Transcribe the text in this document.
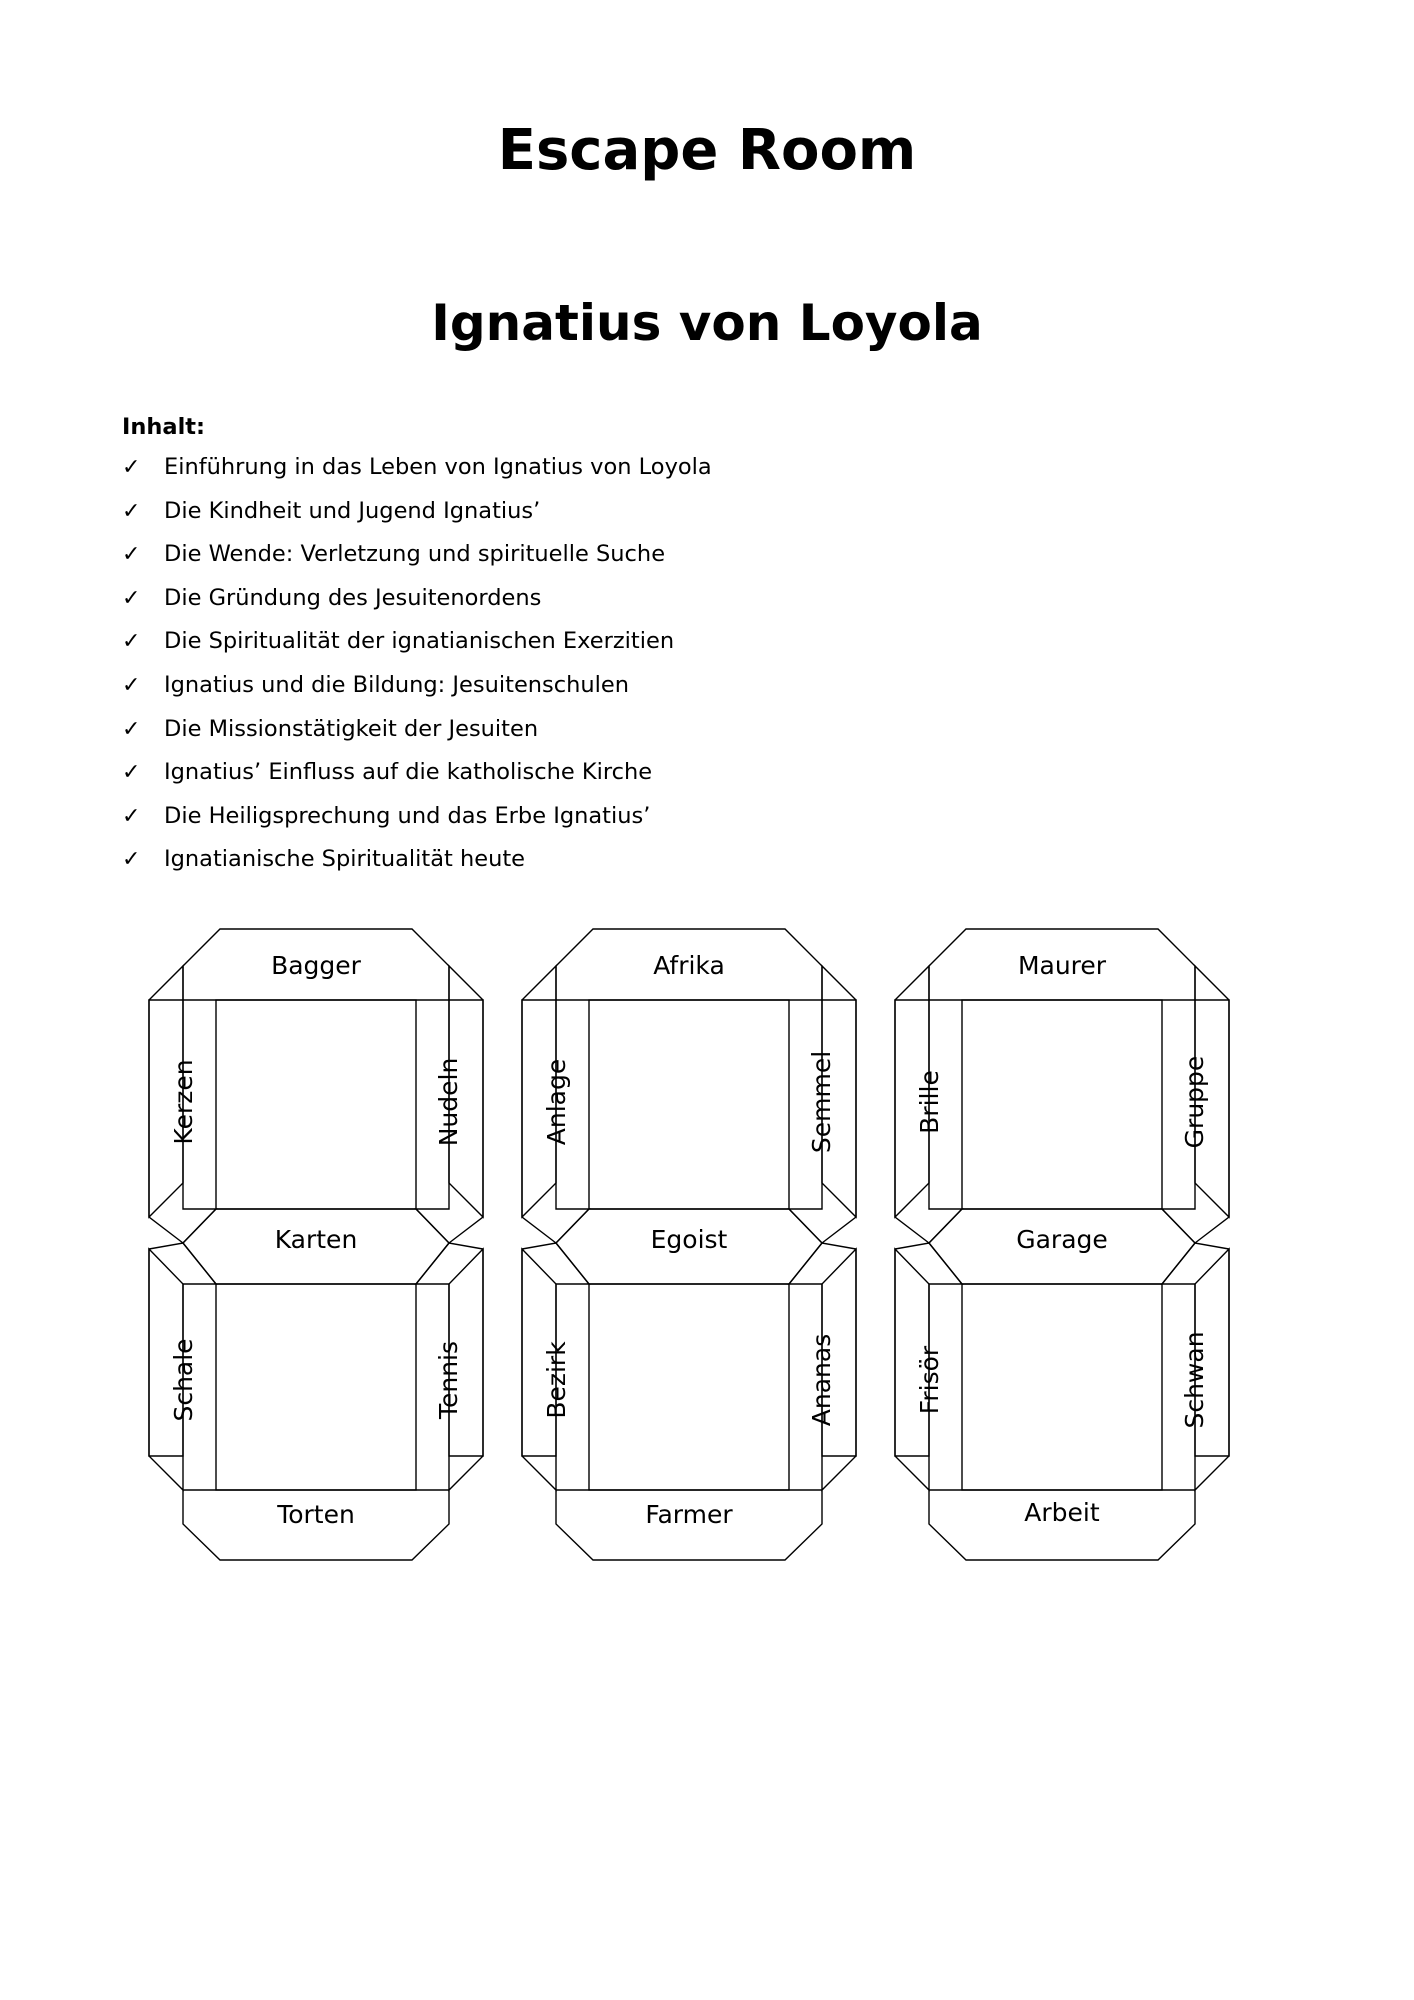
Escape Room
Ignatius von Loyola
Inhalt:
✓ Einführung in das Leben von Ignatius von Loyola
✓ Die Kindheit und Jugend Ignatius’
✓ Die Wende: Verletzung und spirituelle Suche
✓ Die Gründung des Jesuitenordens
✓ Die Spiritualität der ignatianischen Exerzitien
✓ Ignatius und die Bildung: Jesuitenschulen
✓ Die Missionstätigkeit der Jesuiten
✓ Ignatius’ Einfluss auf die katholische Kirche
✓ Die Heiligsprechung und das Erbe Ignatius’
✓ Ignatianische Spiritualität heute
Bagger
Karten
Torten
Kerzen
Schale
Nudeln
Tennis
Afrika
Egoist
Farmer
Anlage
Bezirk
Semmel
Ananas
Maurer
Garage
Arbeit
Brille
Frisör
Gruppe
Schwan
